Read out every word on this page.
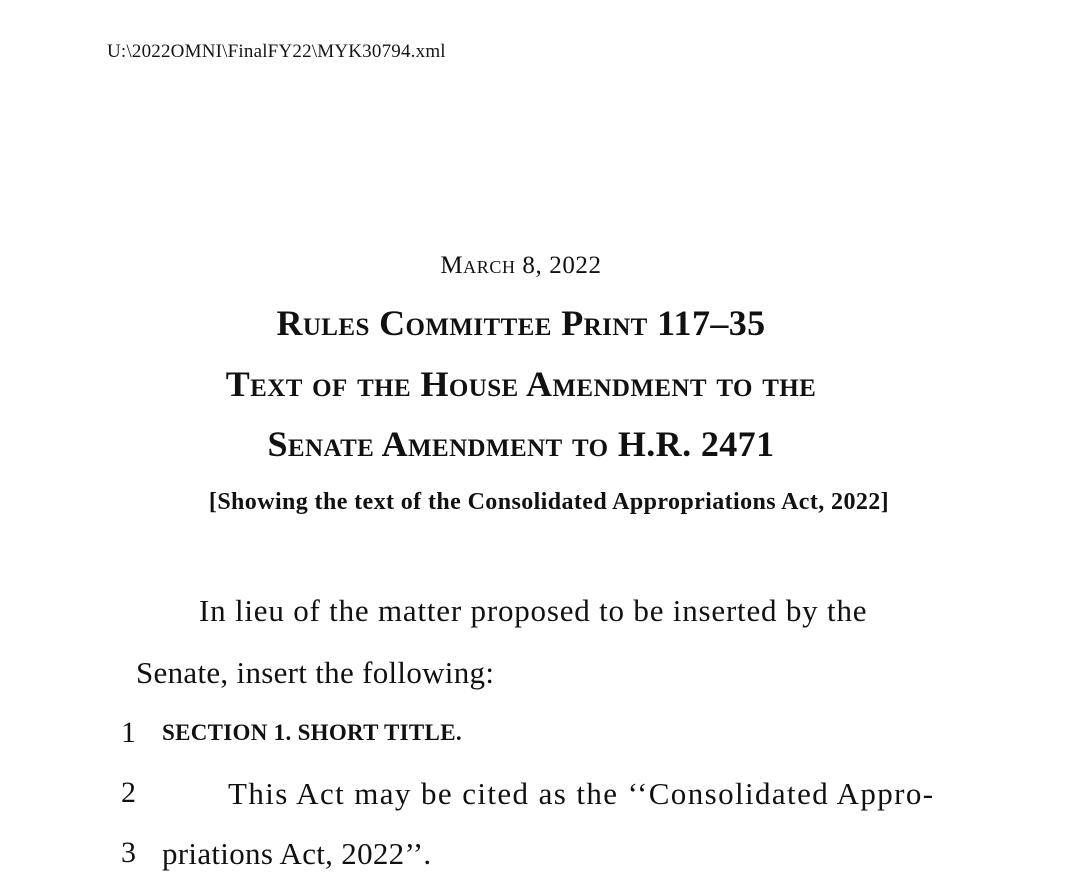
U:\2022OMNI\FinalFY22\MYK30794.xml
March 8, 2022
Rules Committee Print 117–35
Text of the House Amendment to the
Senate Amendment to H.R. 2471
[Showing the text of the Consolidated Appropriations Act, 2022]
In lieu of the matter proposed to be inserted by the
Senate, insert the following:
1 SECTION 1. SHORT TITLE.
2	This Act may be cited as the ‘‘Consolidated Appro-
3 priations Act, 2022’’.
